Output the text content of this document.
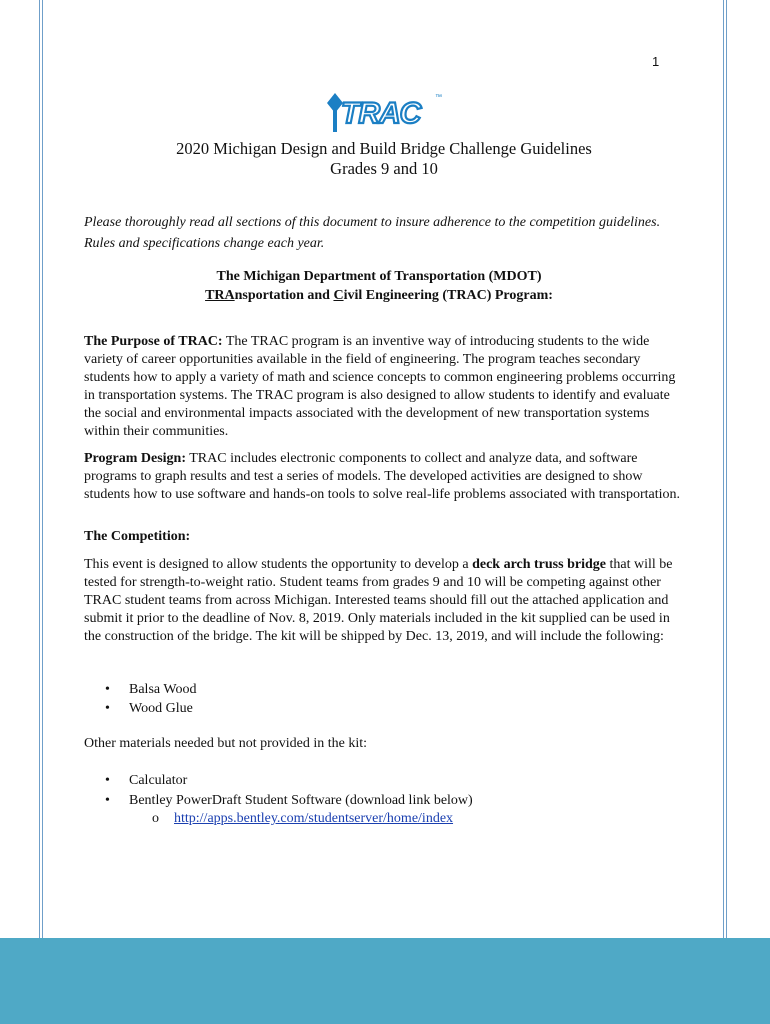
1
TRAC	™
2020 Michigan Design and Build Bridge Challenge Guidelines
Grades 9 and 10
Please thoroughly read all sections of this document to insure adherence to the competition guidelines. Rules and specifications change each year.
The Michigan Department of Transportation (MDOT)
TRAnsportation and Civil Engineering (TRAC) Program:
The Purpose of TRAC: The TRAC program is an inventive way of introducing students to the wide variety of career opportunities available in the field of engineering. The program teaches secondary students how to apply a variety of math and science concepts to common engineering problems occurring in transportation systems. The TRAC program is also designed to allow students to identify and evaluate the social and environmental impacts associated with the development of new transportation systems within their communities.
Program Design: TRAC includes electronic components to collect and analyze data, and software programs to graph results and test a series of models. The developed activities are designed to show students how to use software and hands-on tools to solve real-life problems associated with transportation.
The Competition:
This event is designed to allow students the opportunity to develop a deck arch truss bridge that will be tested for strength-to-weight ratio. Student teams from grades 9 and 10 will be competing against other TRAC student teams from across Michigan. Interested teams should fill out the attached application and submit it prior to the deadline of Nov. 8, 2019. Only materials included in the kit supplied can be used in the construction of the bridge. The kit will be shipped by Dec. 13, 2019, and will include the following:
• Balsa Wood
• Wood Glue
Other materials needed but not provided in the kit:
• Calculator
• Bentley PowerDraft Student Software (download link below)
o http://apps.bentley.com/studentserver/home/index
